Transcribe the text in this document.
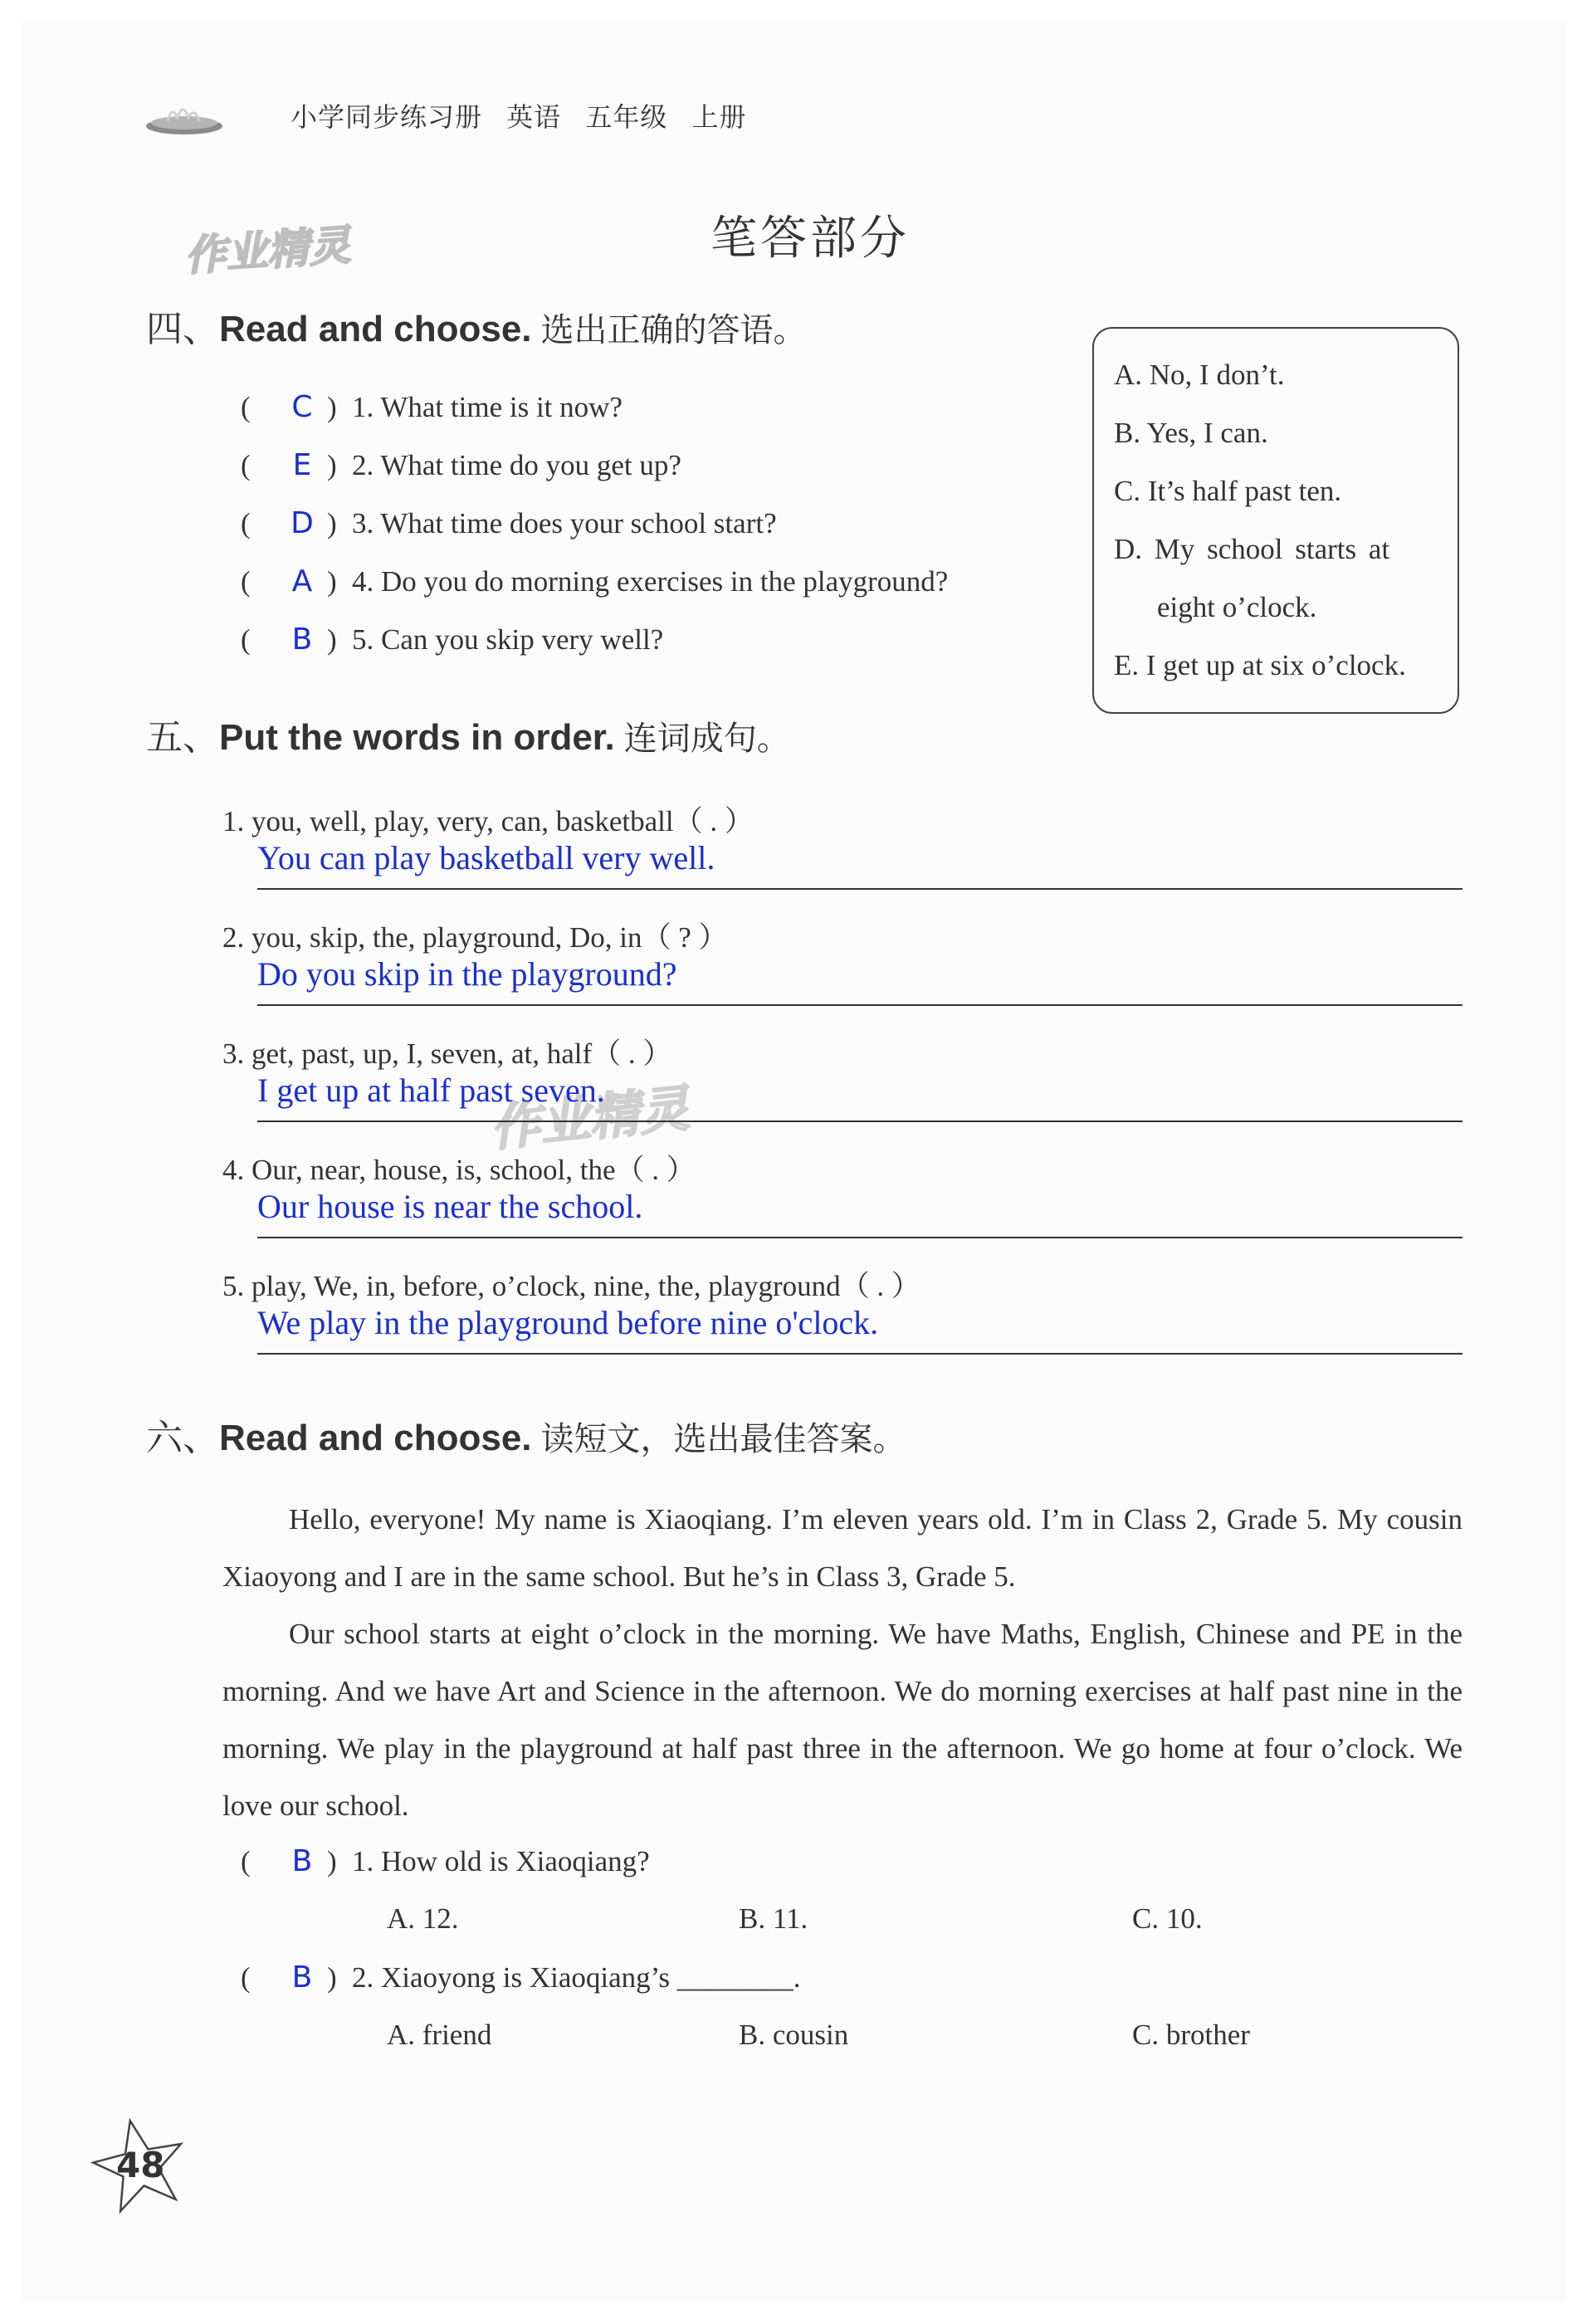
小学同步练习册 英语 五年级 上册
笔答部分
作业精灵
作业精灵
四、Read and choose. 选出正确的答语。
( C ) 1. What time is it now?
( E ) 2. What time do you get up?
( D ) 3. What time does your school start?
( A ) 4. Do you do morning exercises in the playground?
( B ) 5. Can you skip very well?
A. No, I don’t.
B. Yes, I can.
C. It’s half past ten.
D. My school starts at
eight o’clock.
E. I get up at six o’clock.
五、Put the words in order. 连词成句。
1. you, well, play, very, can, basketball（ . ）
You can play basketball very well.
2. you, skip, the, playground, Do, in（ ? ）
Do you skip in the playground?
3. get, past, up, I, seven, at, half（ . ）
I get up at half past seven.
4. Our, near, house, is, school, the（ . ）
Our house is near the school.
5. play, We, in, before, o’clock, nine, the, playground（ . ）
We play in the playground before nine o'clock.
六、Read and choose. 读短文，选出最佳答案。

Hello, everyone! My name is Xiaoqiang. I’m eleven years old. I’m in Class 2, Grade 5. My cousin Xiaoyong and I are in the same school. But he’s in Class 3, Grade 5.

Our school starts at eight o’clock in the morning. We have Maths, English, Chinese and PE in the morning. And we have Art and Science in the afternoon. We do morning exercises at half past nine in the morning. We play in the playground at half past three in the afternoon. We go home at four o’clock. We love our school.

( B ) 1. How old is Xiaoqiang?
A. 12.	B. 11.	C. 10.
( B ) 2. Xiaoyong is Xiaoqiang’s ________.
A. friend	B. cousin	C. brother
48
